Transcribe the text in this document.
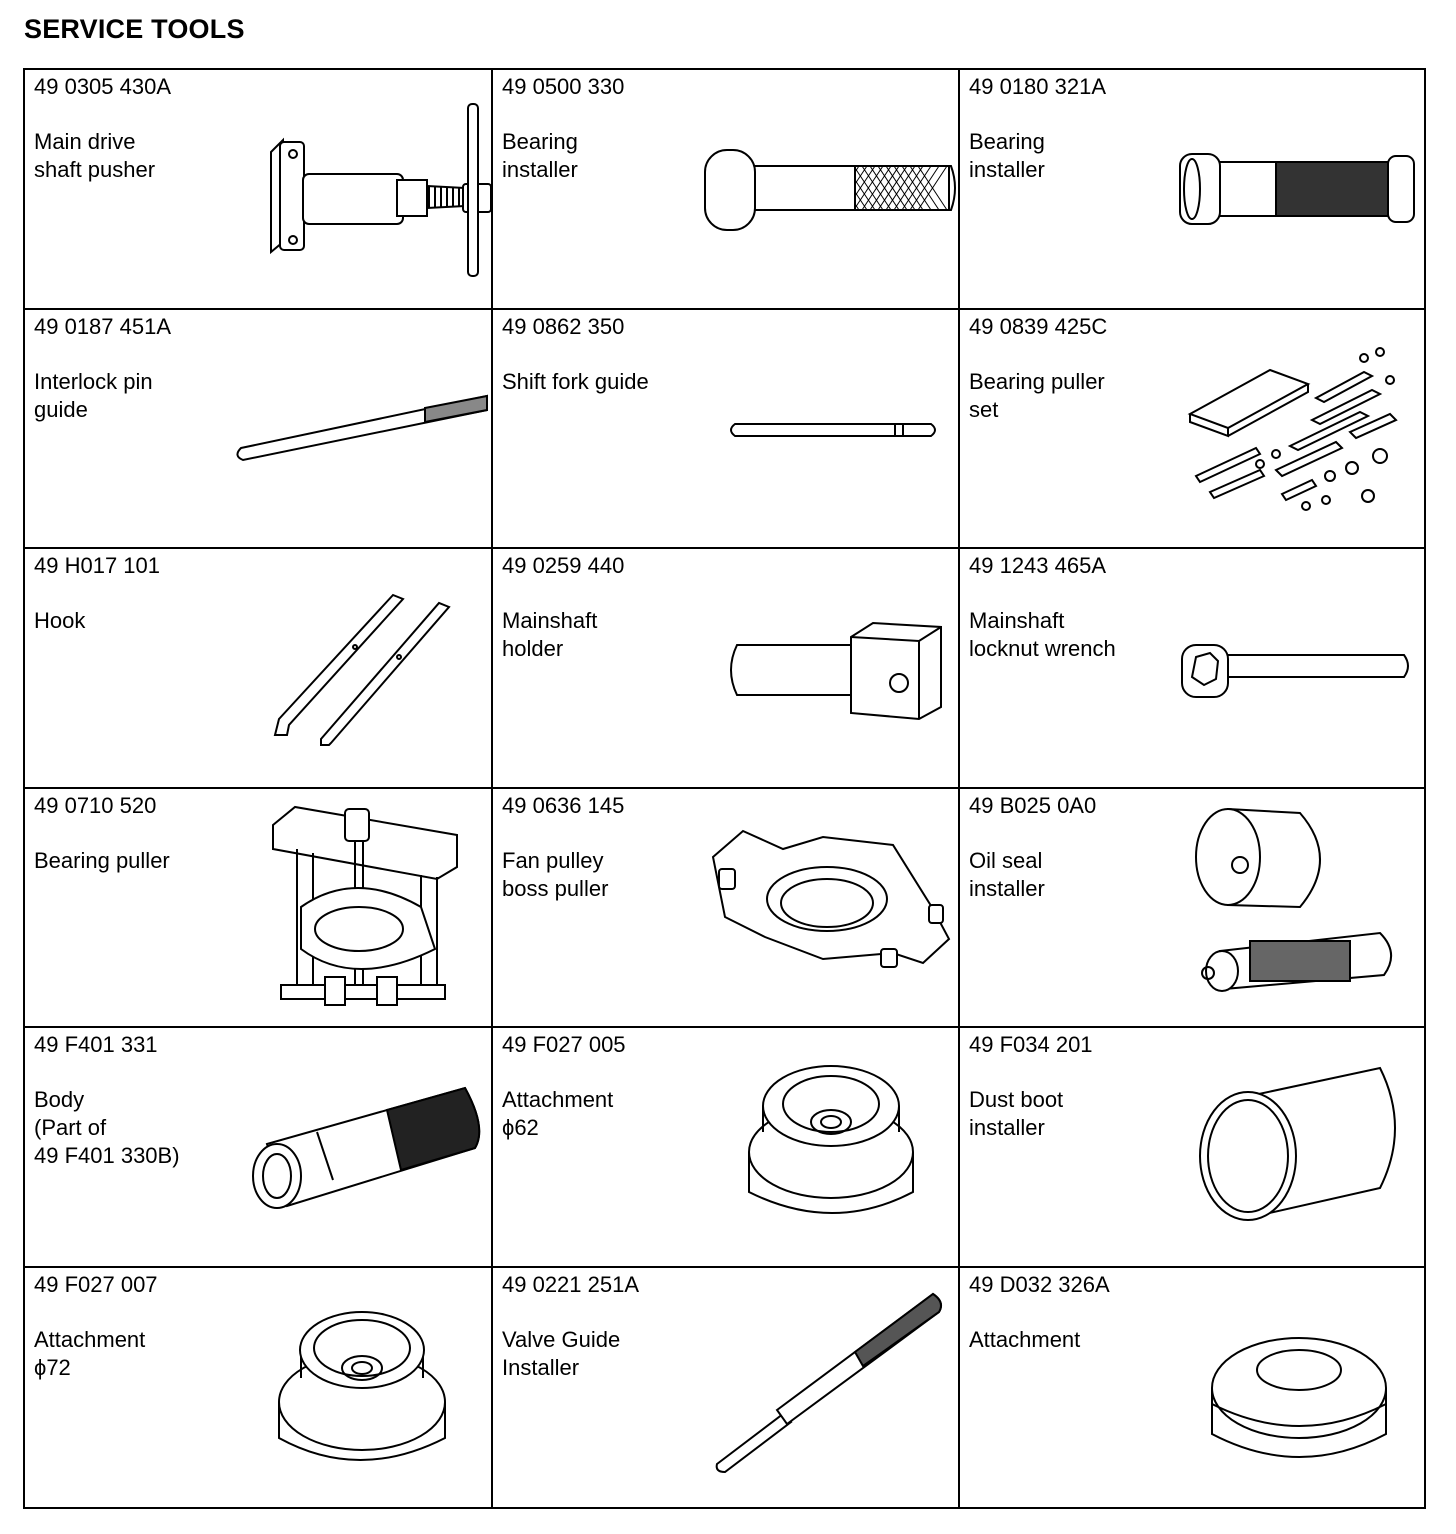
SERVICE TOOLS
49 0305 430A
Main drive
shaft pusher
49 0500 330
Bearing
installer
49 0180 321A
Bearing
installer
49 0187 451A
Interlock pin
guide
49 0862 350
Shift fork guide
49 0839 425C
Bearing puller
set
49 H017 101
Hook
49 0259 440
Mainshaft
holder
49 1243 465A
Mainshaft
locknut wrench
49 0710 520
Bearing puller
49 0636 145
Fan pulley
boss puller
49 B025 0A0
Oil seal
installer
49 F401 331
Body
(Part of
49 F401 330B)
49 F027 005
Attachment
ϕ62
49 F034 201
Dust boot
installer
49 F027 007
Attachment
ϕ72
49 0221 251A
Valve Guide
Installer
49 D032 326A
Attachment
